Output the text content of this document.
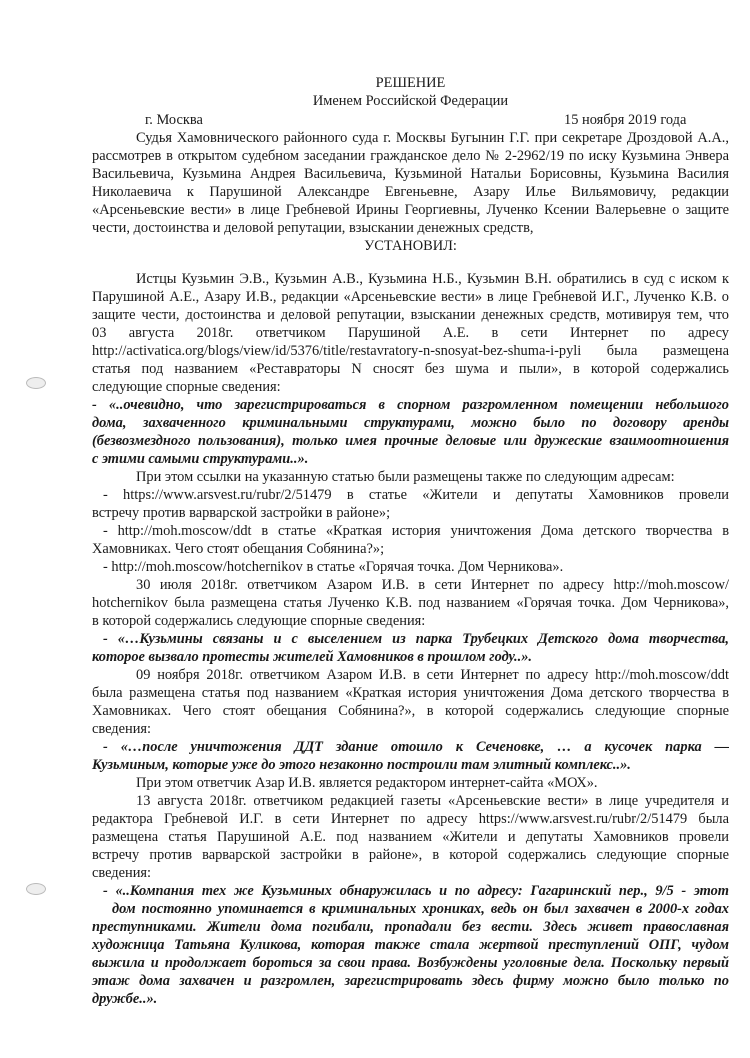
РЕШЕНИЕ
Именем Российской Федерации
г. Москва	15 ноября 2019 года
Судья Хамовнического районного суда г. Москвы Бугынин Г.Г. при секретаре Дроздовой А.А.,
рассмотрев в открытом судебном заседании гражданское дело № 2-2962/19 по иску Кузьмина Энвера
Васильевича, Кузьмина Андрея Васильевича, Кузьминой Натальи Борисовны, Кузьмина Василия
Николаевича к Парушиной Александре Евгеньевне, Азару Илье Вильямовичу, редакции
«Арсеньевские вести» в лице Гребневой Ирины Георгиевны, Лученко Ксении Валерьевне о защите
чести, достоинства и деловой репутации, взыскании денежных средств,
УСТАНОВИЛ:
Истцы Кузьмин Э.В., Кузьмин А.В., Кузьмина Н.Б., Кузьмин В.Н. обратились в суд с иском к
Парушиной А.Е., Азару И.В., редакции «Арсеньевские вести» в лице Гребневой И.Г., Лученко К.В. о
защите чести, достоинства и деловой репутации, взыскании денежных средств, мотивируя тем, что
03 августа 2018г. ответчиком Парушиной А.Е. в сети Интернет по адресу
http://activatica.org/blogs/view/id/5376/title/restavratory-n-snosyat-bez-shuma-i-pyli была размещена
статья под названием «Реставраторы N сносят без шума и пыли», в которой содержались
следующие спорные сведения:
- «..очевидно, что зарегистрироваться в спорном разгромленном помещении небольшого
дома, захваченного криминальными структурами, можно было по договору аренды
(безвозмездного пользования), только имея прочные деловые или дружеские взаимоотношения
с этими самыми структурами..».
При этом ссылки на указанную статью были размещены также по следующим адресам:
- https://www.arsvest.ru/rubr/2/51479 в статье «Жители и депутаты Хамовников провели
встречу против варварской застройки в районе»;
- http://moh.moscow/ddt в статье «Краткая история уничтожения Дома детского творчества в
Хамовниках. Чего стоят обещания Собянина?»;
- http://moh.moscow/hotchernikov в статье «Горячая точка. Дом Черникова».
30 июля 2018г. ответчиком Азаром И.В. в сети Интернет по адресу http://moh.moscow/
hotchernikov была размещена статья Лученко К.В. под названием «Горячая точка. Дом Черникова»,
в которой содержались следующие спорные сведения:
- «…Кузьмины связаны и с выселением из парка Трубецких Детского дома творчества,
которое вызвало протесты жителей Хамовников в прошлом году..».
09 ноября 2018г. ответчиком Азаром И.В. в сети Интернет по адресу http://moh.moscow/ddt
была размещена статья под названием «Краткая история уничтожения Дома детского творчества в
Хамовниках. Чего стоят обещания Собянина?», в которой содержались следующие спорные
сведения:
- «…после уничтожения ДДТ здание отошло к Сеченовке, … а кусочек парка —
Кузьминым, которые уже до этого незаконно построили там элитный комплекс..».
При этом ответчик Азар И.В. является редактором интернет-сайта «МОХ».
13 августа 2018г. ответчиком редакцией газеты «Арсеньевские вести» в лице учредителя и
редактора Гребневой И.Г. в сети Интернет по адресу https://www.arsvest.ru/rubr/2/51479 была
размещена статья Парушиной А.Е. под названием «Жители и депутаты Хамовников провели
встречу против варварской застройки в районе», в которой содержались следующие спорные
сведения:
- «..Компания тех же Кузьминых обнаружилась и по адресу: Гагаринский пер., 9/5 - этот
дом постоянно упоминается в криминальных хрониках, ведь он был захвачен в 2000-х годах
преступниками. Жители дома погибали, пропадали без вести. Здесь живет православная
художница Татьяна Куликова, которая также стала жертвой преступлений ОПГ, чудом
выжила и продолжает бороться за свои права. Возбуждены уголовные дела. Поскольку первый
этаж дома захвачен и разгромлен, зарегистрировать здесь фирму можно было только по
дружбе..».
